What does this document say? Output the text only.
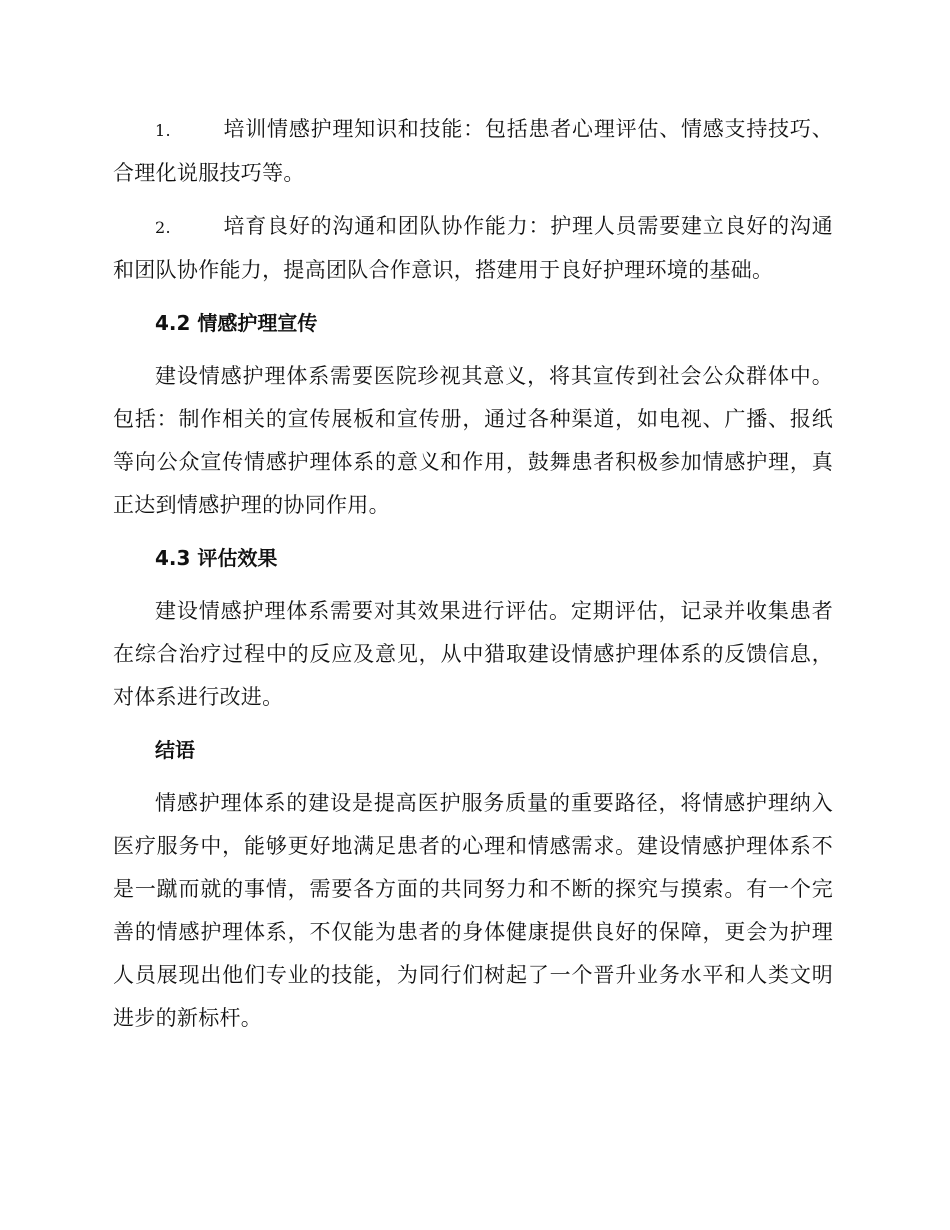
1. 培训情感护理知识和技能：包括患者心理评估、情感支持技巧、合理化说服技巧等。

2. 培育良好的沟通和团队协作能力：护理人员需要建立良好的沟通和团队协作能力，提高团队合作意识，搭建用于良好护理环境的基础。

4.2 情感护理宣传

建设情感护理体系需要医院珍视其意义，将其宣传到社会公众群体中。包括：制作相关的宣传展板和宣传册，通过各种渠道，如电视、广播、报纸等向公众宣传情感护理体系的意义和作用，鼓舞患者积极参加情感护理，真正达到情感护理的协同作用。

4.3 评估效果

建设情感护理体系需要对其效果进行评估。定期评估，记录并收集患者在综合治疗过程中的反应及意见，从中猎取建设情感护理体系的反馈信息，对体系进行改进。

结语

情感护理体系的建设是提高医护服务质量的重要路径，将情感护理纳入医疗服务中，能够更好地满足患者的心理和情感需求。建设情感护理体系不是一蹴而就的事情，需要各方面的共同努力和不断的探究与摸索。有一个完善的情感护理体系，不仅能为患者的身体健康提供良好的保障，更会为护理人员展现出他们专业的技能，为同行们树起了一个晋升业务水平和人类文明进步的新标杆。
